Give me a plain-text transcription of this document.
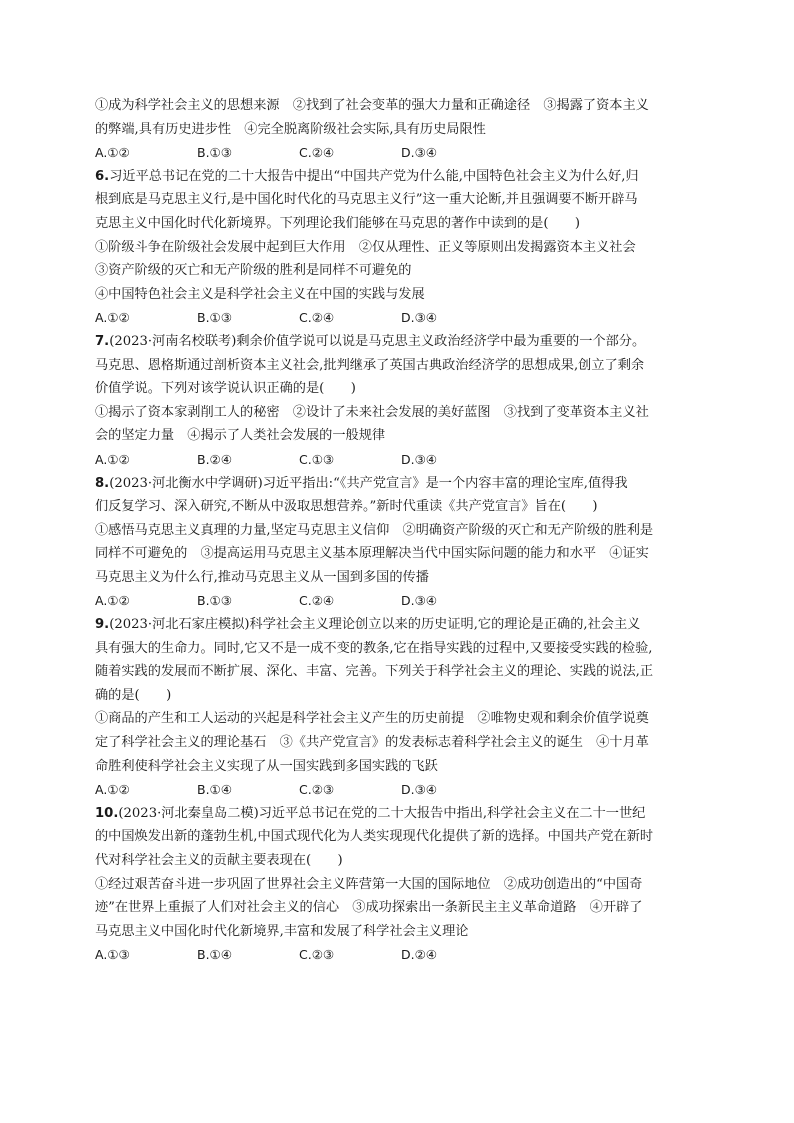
①成为科学社会主义的思想来源　②找到了社会变革的强大力量和正确途径　③揭露了资本主义
的弊端,具有历史进步性　④完全脱离阶级社会实际,具有历史局限性
A.①②	B.①③	C.②④	D.③④
6.习近平总书记在党的二十大报告中提出“中国共产党为什么能,中国特色社会主义为什么好,归
根到底是马克思主义行,是中国化时代化的马克思主义行”这一重大论断,并且强调要不断开辟马
克思主义中国化时代化新境界。下列理论我们能够在马克思的著作中读到的是(　　)
①阶级斗争在阶级社会发展中起到巨大作用　②仅从理性、正义等原则出发揭露资本主义社会
③资产阶级的灭亡和无产阶级的胜利是同样不可避免的
④中国特色社会主义是科学社会主义在中国的实践与发展
A.①②	B.①③	C.②④	D.③④
7.(2023·河南名校联考)剩余价值学说可以说是马克思主义政治经济学中最为重要的一个部分。
马克思、恩格斯通过剖析资本主义社会,批判继承了英国古典政治经济学的思想成果,创立了剩余
价值学说。下列对该学说认识正确的是(　　)
①揭示了资本家剥削工人的秘密　②设计了未来社会发展的美好蓝图　③找到了变革资本主义社
会的坚定力量　④揭示了人类社会发展的一般规律
A.①②	B.②④	C.①③	D.③④
8.(2023·河北衡水中学调研)习近平指出:“《共产党宣言》是一个内容丰富的理论宝库,值得我
们反复学习、深入研究,不断从中汲取思想营养。”新时代重读《共产党宣言》旨在(　　)
①感悟马克思主义真理的力量,坚定马克思主义信仰　②明确资产阶级的灭亡和无产阶级的胜利是
同样不可避免的　③提高运用马克思主义基本原理解决当代中国实际问题的能力和水平　④证实
马克思主义为什么行,推动马克思主义从一国到多国的传播
A.①②	B.①③	C.②④	D.③④
9.(2023·河北石家庄模拟)科学社会主义理论创立以来的历史证明,它的理论是正确的,社会主义
具有强大的生命力。同时,它又不是一成不变的教条,它在指导实践的过程中,又要接受实践的检验,
随着实践的发展而不断扩展、深化、丰富、完善。下列关于科学社会主义的理论、实践的说法,正
确的是(　　)
①商品的产生和工人运动的兴起是科学社会主义产生的历史前提　②唯物史观和剩余价值学说奠
定了科学社会主义的理论基石　③《共产党宣言》的发表标志着科学社会主义的诞生　④十月革
命胜利使科学社会主义实现了从一国实践到多国实践的飞跃
A.①②	B.①④	C.②③	D.③④
10.(2023·河北秦皇岛二模)习近平总书记在党的二十大报告中指出,科学社会主义在二十一世纪
的中国焕发出新的蓬勃生机,中国式现代化为人类实现现代化提供了新的选择。中国共产党在新时
代对科学社会主义的贡献主要表现在(　　)
①经过艰苦奋斗进一步巩固了世界社会主义阵营第一大国的国际地位　②成功创造出的“中国奇
迹”在世界上重振了人们对社会主义的信心　③成功探索出一条新民主主义革命道路　④开辟了
马克思主义中国化时代化新境界,丰富和发展了科学社会主义理论
A.①③	B.①④	C.②③	D.②④
